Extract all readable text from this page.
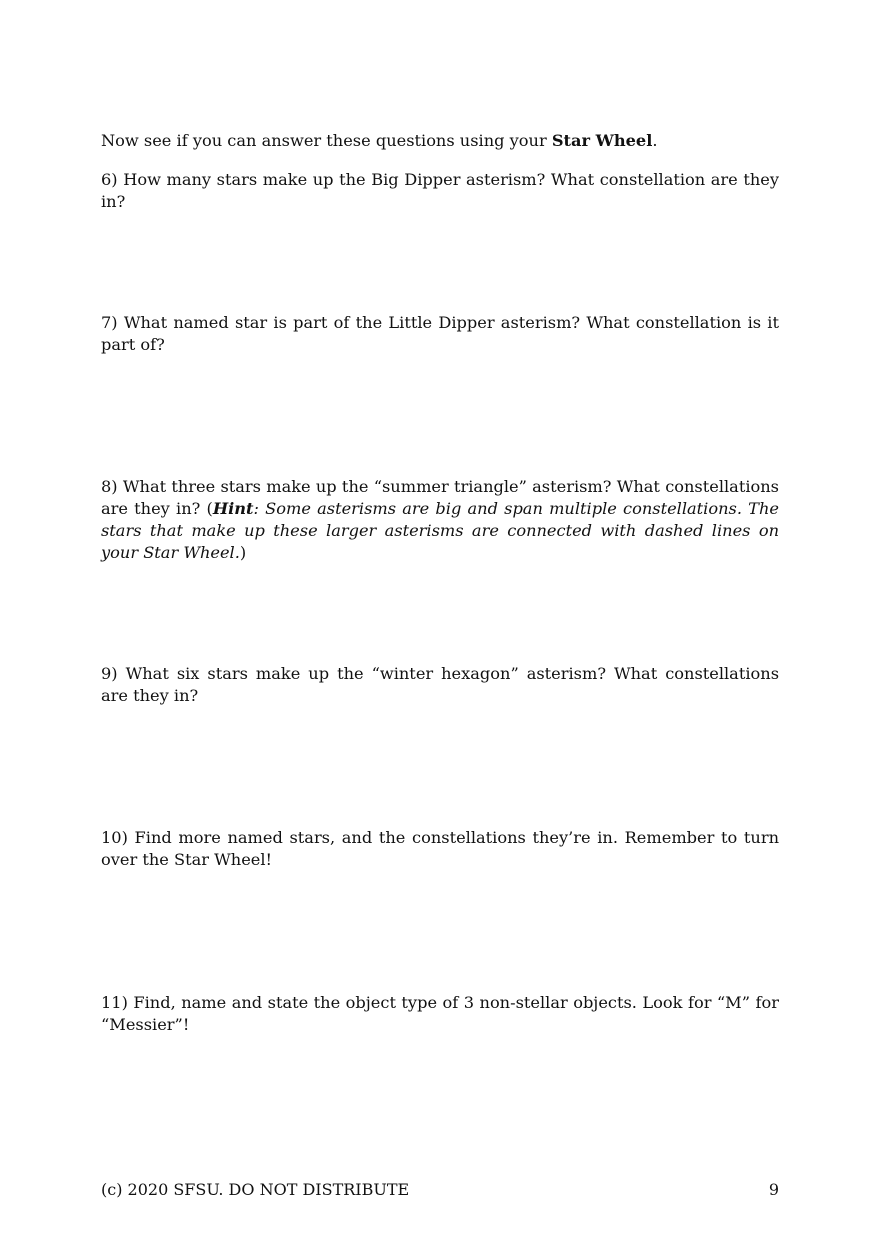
Now see if you can answer these questions using your Star Wheel.
6) How many stars make up the Big Dipper asterism? What constellation are they in?
7) What named star is part of the Little Dipper asterism? What constellation is it part of?
8) What three stars make up the “summer triangle” asterism? What constellations are they in? (Hint: Some asterisms are big and span multiple constellations. The stars that make up these larger asterisms are connected with dashed lines on your Star Wheel.)
9) What six stars make up the “winter hexagon” asterism? What constellations are they in?
10) Find more named stars, and the constellations they’re in. Remember to turn over the Star Wheel!
11) Find, name and state the object type of 3 non-stellar objects. Look for “M” for “Messier”!
(c) 2020 SFSU. DO NOT DISTRIBUTE	9
